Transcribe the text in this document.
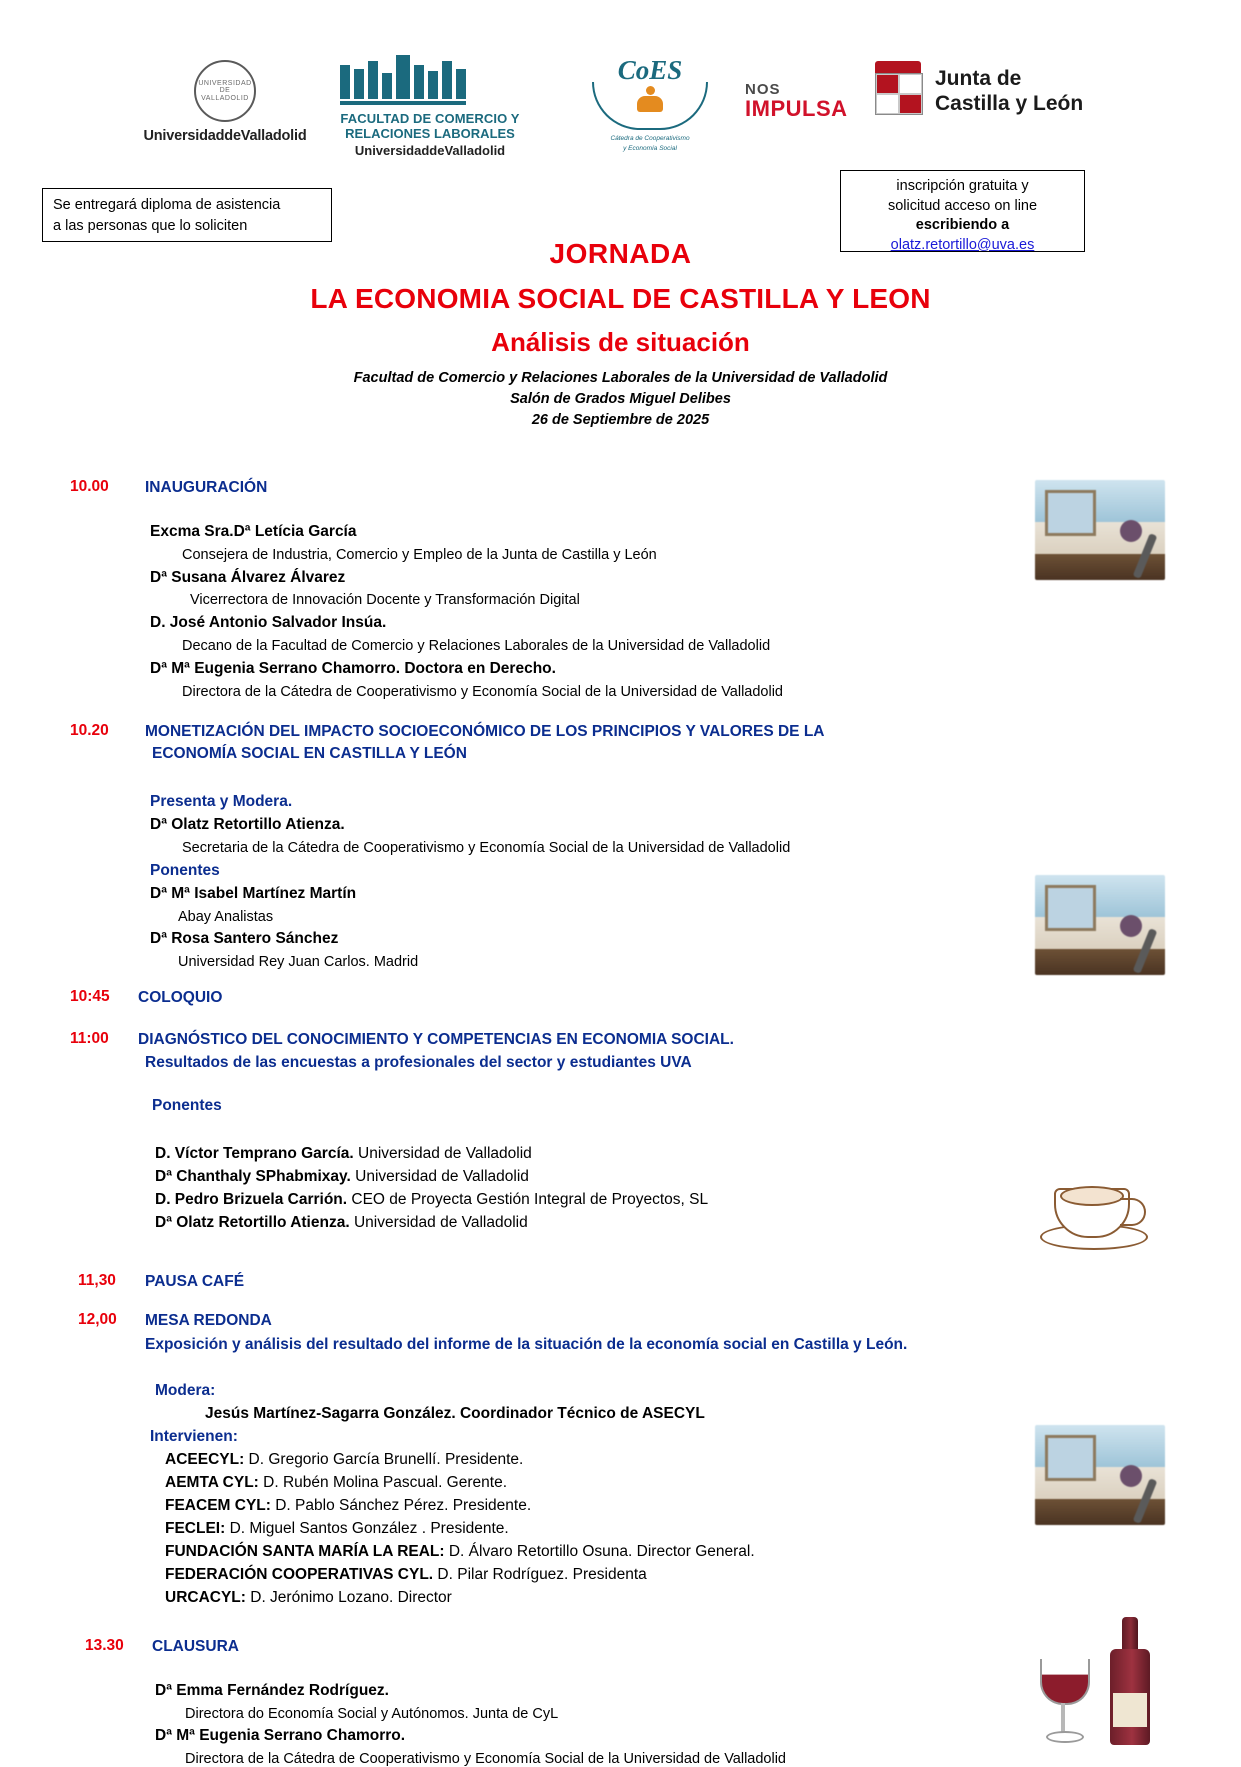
UNIVERSIDAD DE VALLADOLID
UniversidaddeValladolid
FACULTAD DE COMERCIO Y
RELACIONES LABORALES
UniversidaddeValladolid
CoES
Cátedra de Cooperativismo
y Economía Social
NOS
IMPULSA
Junta de
Castilla y León
Se entregará diploma de asistencia
a las personas que lo soliciten
inscripción gratuita y
solicitud acceso on line
escribiendo a
olatz.retortillo@uva.es
JORNADA
LA ECONOMIA SOCIAL DE CASTILLA Y LEON
Análisis de situación
Facultad de Comercio y Relaciones Laborales de la Universidad de Valladolid
Salón de Grados Miguel Delibes
26 de Septiembre de 2025
10.00 INAUGURACIÓN
Excma Sra.Dª Letícia García
Consejera de Industria, Comercio y Empleo de la Junta de Castilla y León
Dª Susana Álvarez Álvarez
Vicerrectora de Innovación Docente y Transformación Digital
D. José Antonio Salvador Insúa.
Decano de la Facultad de Comercio y Relaciones Laborales de la Universidad de Valladolid
Dª Mª Eugenia Serrano Chamorro. Doctora en Derecho.
Directora de la Cátedra de Cooperativismo y Economía Social de la Universidad de Valladolid
10.20 MONETIZACIÓN DEL IMPACTO SOCIOECONÓMICO DE LOS PRINCIPIOS Y VALORES DE LA
ECONOMÍA SOCIAL EN CASTILLA Y LEÓN
Presenta y Modera.
Dª Olatz Retortillo Atienza.
Secretaria de la Cátedra de Cooperativismo y Economía Social de la Universidad de Valladolid
Ponentes
Dª Mª Isabel Martínez Martín
Abay Analistas
Dª Rosa Santero Sánchez
Universidad Rey Juan Carlos. Madrid
10:45 COLOQUIO
11:00 DIAGNÓSTICO DEL CONOCIMIENTO Y COMPETENCIAS EN ECONOMIA SOCIAL.
Resultados de las encuestas a profesionales del sector y estudiantes UVA
Ponentes
D. Víctor Temprano García. Universidad de Valladolid
Dª Chanthaly SPhabmixay. Universidad de Valladolid
D. Pedro Brizuela Carrión. CEO de Proyecta Gestión Integral de Proyectos, SL
Dª Olatz Retortillo Atienza. Universidad de Valladolid
11,30 PAUSA CAFÉ
12,00 MESA REDONDA
Exposición y análisis del resultado del informe de la situación de la economía social en Castilla y León.
Modera:
Jesús Martínez-Sagarra González. Coordinador Técnico de ASECYL
Intervienen:
ACEECYL: D. Gregorio García Brunellí. Presidente.
AEMTA CYL: D. Rubén Molina Pascual. Gerente.
FEACEM CYL: D. Pablo Sánchez Pérez. Presidente.
FECLEI: D. Miguel Santos González . Presidente.
FUNDACIÓN SANTA MARÍA LA REAL: D. Álvaro Retortillo Osuna. Director General.
FEDERACIÓN COOPERATIVAS CYL. D. Pilar Rodríguez. Presidenta
URCACYL: D. Jerónimo Lozano. Director
13.30 CLAUSURA
Dª Emma Fernández Rodríguez.
Directora do Economía Social y Autónomos. Junta de CyL
Dª Mª Eugenia Serrano Chamorro.
Directora de la Cátedra de Cooperativismo y Economía Social de la Universidad de Valladolid
